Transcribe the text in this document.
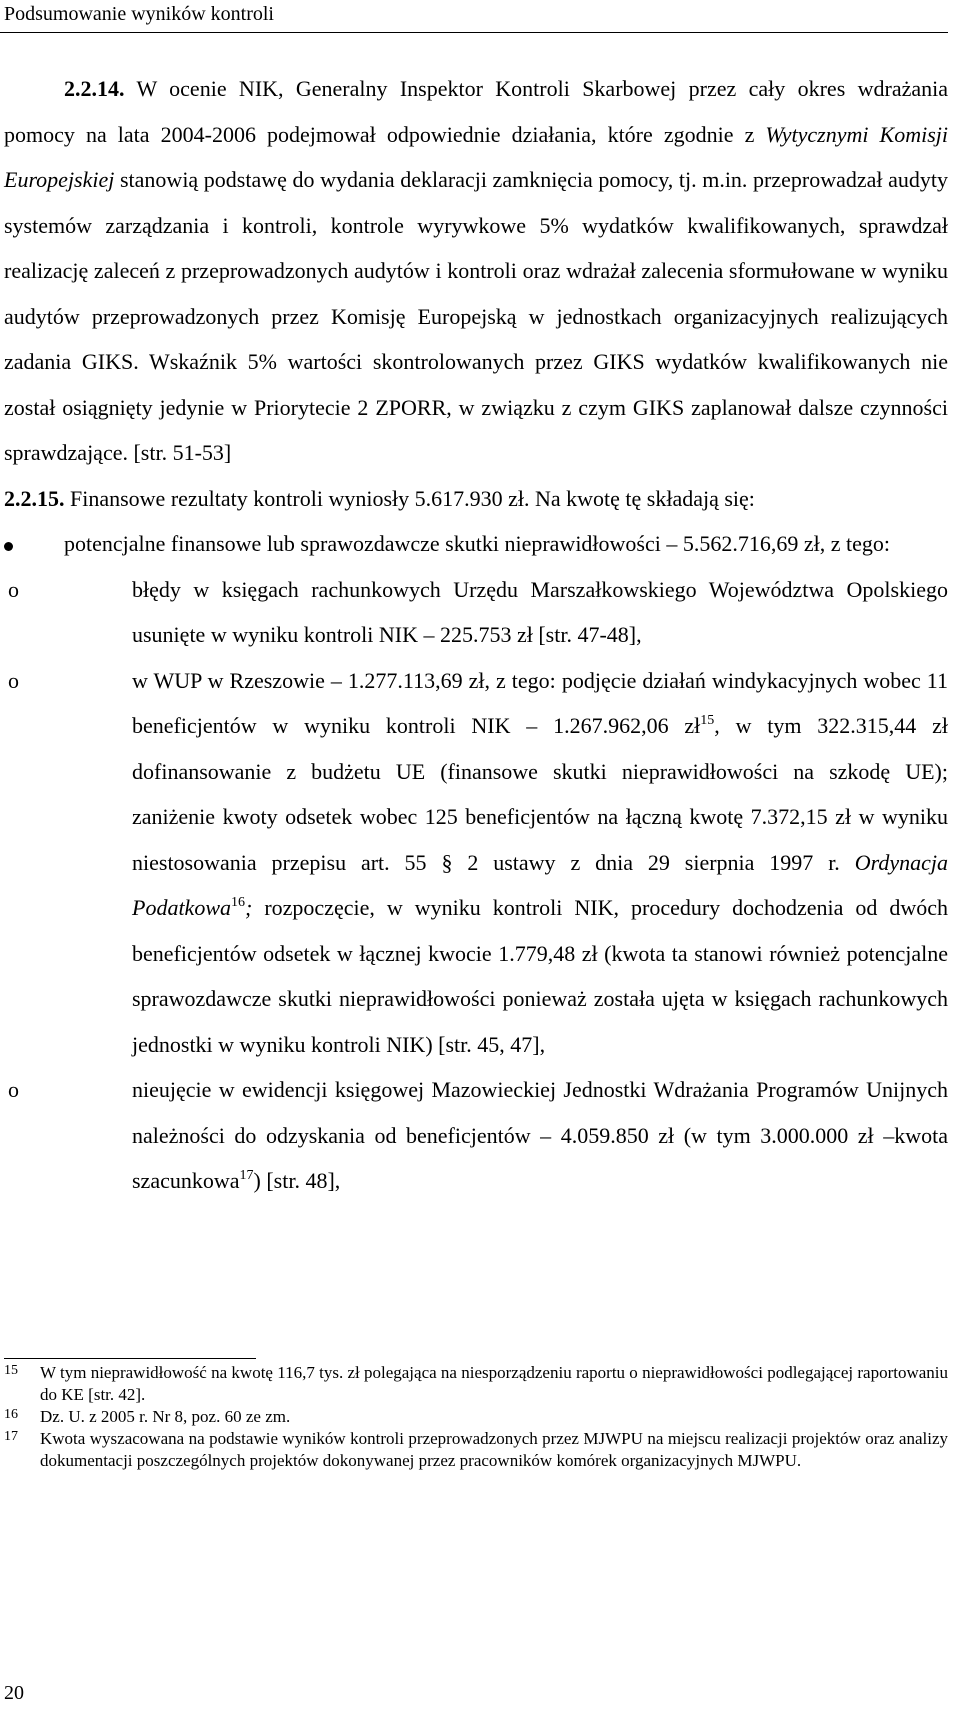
Podsumowanie wyników kontroli

2.2.14. W ocenie NIK, Generalny Inspektor Kontroli Skarbowej przez cały okres wdrażania pomocy na lata 2004-2006 podejmował odpowiednie działania, które zgodnie z Wytycznymi Komisji Europejskiej stanowią podstawę do wydania deklaracji zamknięcia pomocy, tj. m.in. przeprowadzał audyty systemów zarządzania i kontroli, kontrole wyrywkowe 5% wydatków kwalifikowanych, sprawdzał realizację zaleceń z przeprowadzonych audytów i kontroli oraz wdrażał zalecenia sformułowane w wyniku audytów przeprowadzonych przez Komisję Europejską w jednostkach organizacyjnych realizujących zadania GIKS. Wskaźnik 5% wartości skontrolowanych przez GIKS wydatków kwalifikowanych nie został osiągnięty jedynie w Priorytecie 2 ZPORR, w związku z czym GIKS zaplanował dalsze czynności sprawdzające. [str. 51-53]

2.2.15. Finansowe rezultaty kontroli wyniosły 5.617.930 zł. Na kwotę tę składają się:

potencjalne finansowe lub sprawozdawcze skutki nieprawidłowości – 5.562.716,69 zł, z tego:
o	błędy w księgach rachunkowych Urzędu Marszałkowskiego Województwa Opolskiego usunięte w wyniku kontroli NIK – 225.753 zł [str. 47-48],
o	w WUP w Rzeszowie – 1.277.113,69 zł, z tego: podjęcie działań windykacyjnych wobec 11 beneficjentów w wyniku kontroli NIK – 1.267.962,06 $zł^{15}$, w tym 322.315,44 zł dofinansowanie z budżetu UE (finansowe skutki nieprawidłowości na szkodę UE); zaniżenie kwoty odsetek wobec 125 beneficjentów na łączną kwotę 7.372,15 zł w wyniku niestosowania przepisu art. 55 § 2 ustawy z dnia 29 sierpnia 1997 r. Ordynacja Podatkowa$^{16}$; rozpoczęcie, w wyniku kontroli NIK, procedury dochodzenia od dwóch beneficjentów odsetek w łącznej kwocie 1.779,48 zł (kwota ta stanowi również potencjalne sprawozdawcze skutki nieprawidłowości ponieważ została ujęta w księgach rachunkowych jednostki w wyniku kontroli NIK) [str. 45, 47],
o	nieujęcie w ewidencji księgowej Mazowieckiej Jednostki Wdrażania Programów Unijnych należności do odzyskania od beneficjentów – 4.059.850 zł (w tym 3.000.000 zł –kwota szacunkowa$^{17}$) [str. 48],
15	W tym nieprawidłowość na kwotę 116,7 tys. zł polegająca na niesporządzeniu raportu o nieprawidłowości podlegającej raportowaniu do KE [str. 42].
16	Dz. U. z 2005 r. Nr 8, poz. 60 ze zm.
17	Kwota wyszacowana na podstawie wyników kontroli przeprowadzonych przez MJWPU na miejscu realizacji projektów oraz analizy dokumentacji poszczególnych projektów dokonywanej przez pracowników komórek organizacyjnych MJWPU.
20
